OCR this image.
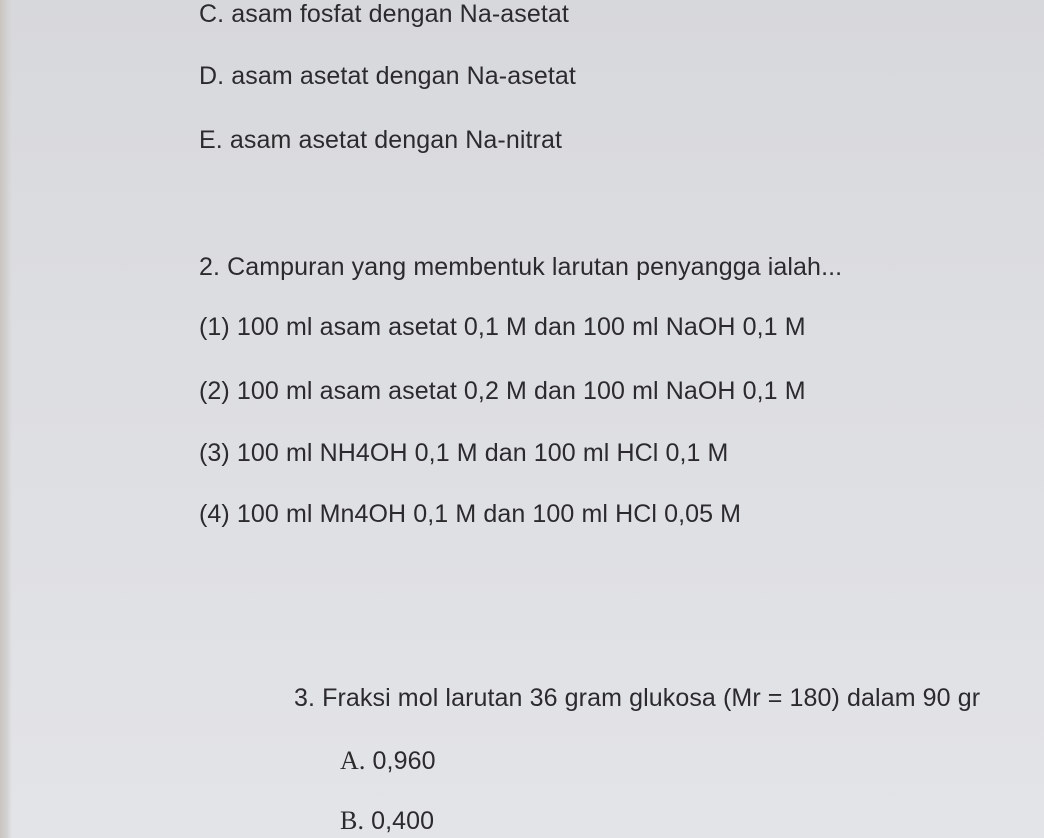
C. asam fosfat dengan Na-asetat
D. asam asetat dengan Na-asetat
E. asam asetat dengan Na-nitrat
2. Campuran yang membentuk larutan penyangga ialah...
(1) 100 ml asam asetat 0,1 M dan 100 ml NaOH 0,1 M
(2) 100 ml asam asetat 0,2 M dan 100 ml NaOH 0,1 M
(3) 100 ml NH4OH 0,1 M dan 100 ml HCl 0,1 M
(4) 100 ml Mn4OH 0,1 M dan 100 ml HCl 0,05 M
3. Fraksi mol larutan 36 gram glukosa (Mr = 180) dalam 90 gr
A. 0,960
B. 0,400
